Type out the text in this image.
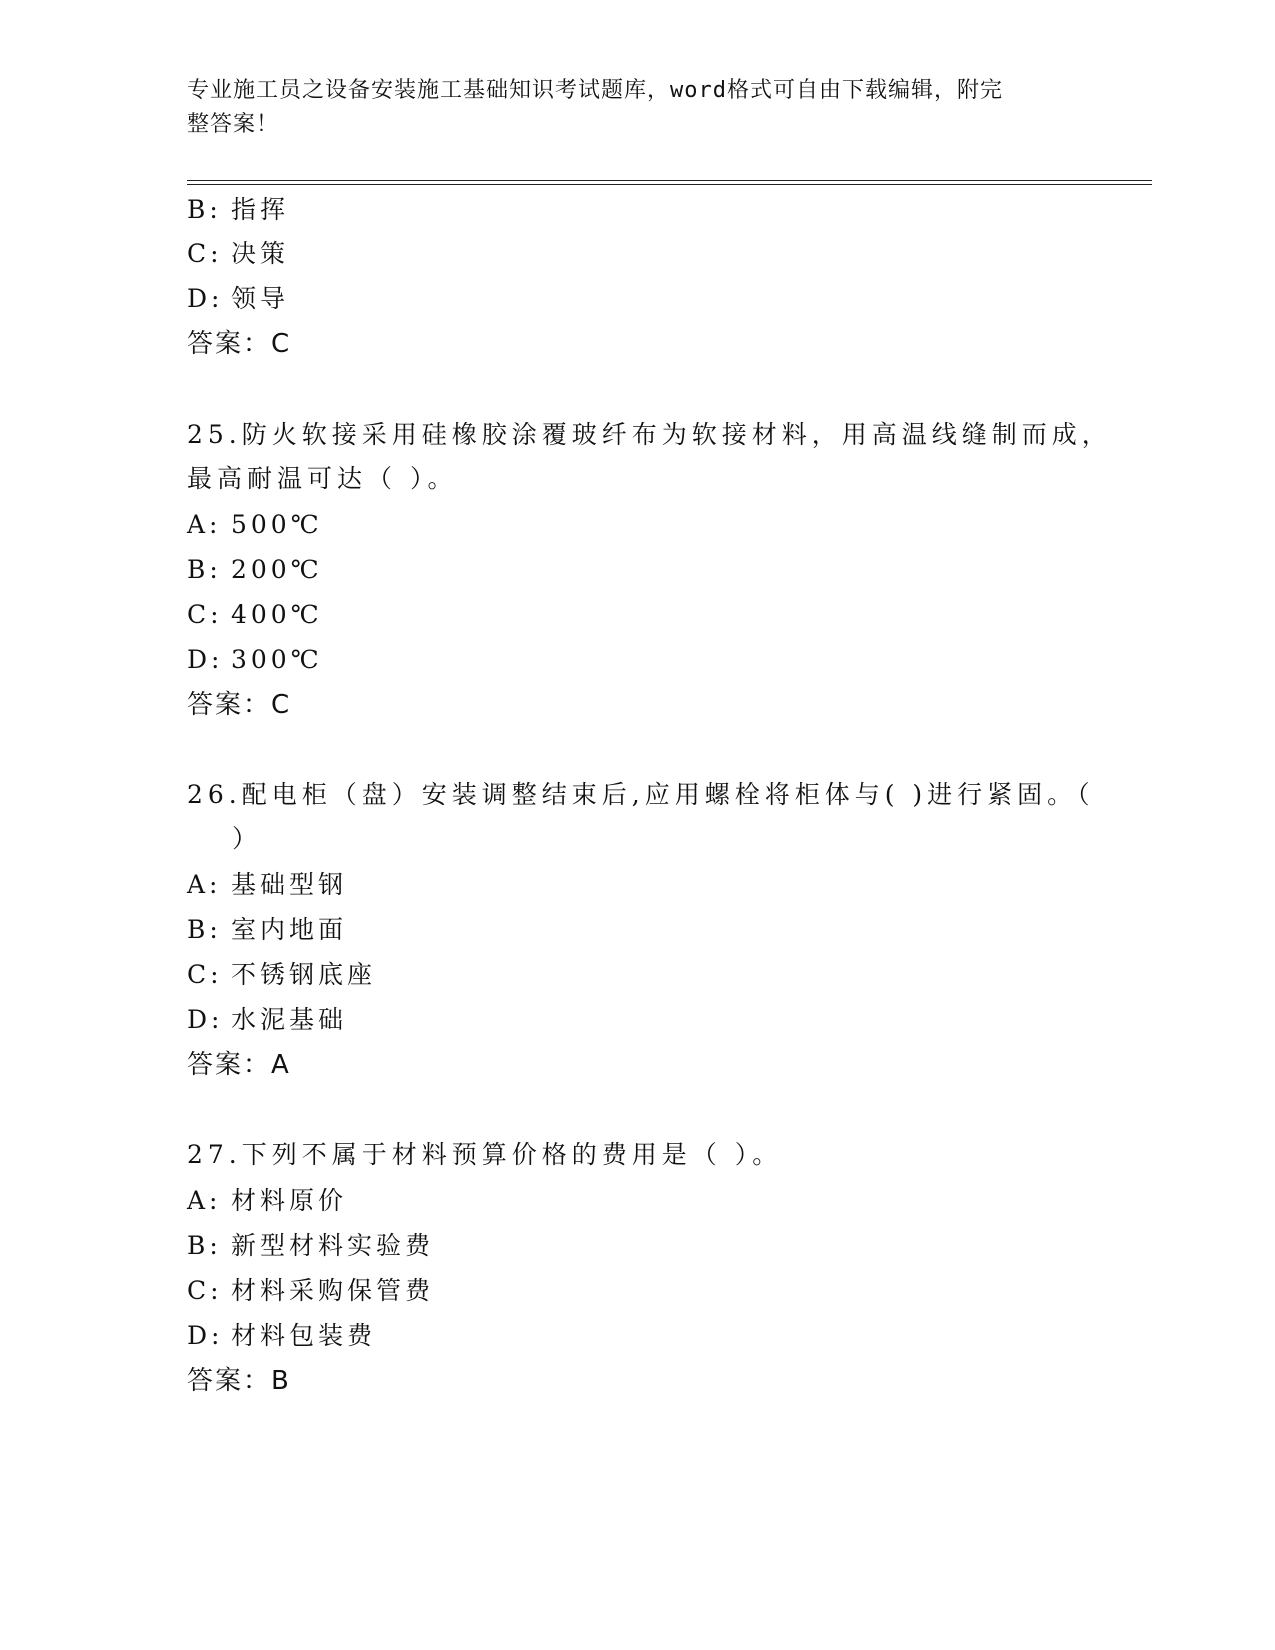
专业施工员之设备安装施工基础知识考试题库，word格式可自由下载编辑，附完
整答案！
B: 指挥
C: 决策
D: 领导
答案：C
25.防火软接采用硅橡胶涂覆玻纤布为软接材料，用高温线缝制而成，
最高耐温可达（ ）。
A: 500℃
B: 200℃
C: 400℃
D: 300℃
答案：C
26.配电柜（盘）安装调整结束后,应用螺栓将柜体与( )进行紧固。（
）
A: 基础型钢
B: 室内地面
C: 不锈钢底座
D: 水泥基础
答案：A
27.下列不属于材料预算价格的费用是（ ）。
A: 材料原价
B: 新型材料实验费
C: 材料采购保管费
D: 材料包装费
答案：B
